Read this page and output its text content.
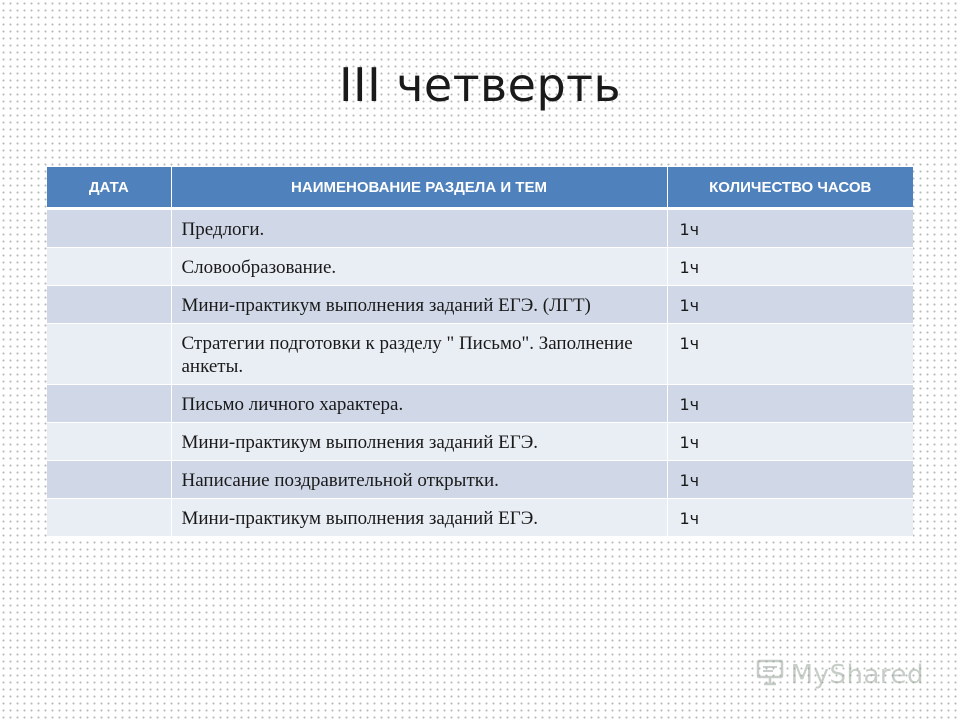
III четверть
ДАТА	НАИМЕНОВАНИЕ РАЗДЕЛА И ТЕМ	КОЛИЧЕСТВО ЧАСОВ
	Предлоги.	1ч
	Словообразование.	1ч
	Мини-практикум выполнения заданий ЕГЭ. (ЛГТ)	1ч
	Стратегии подготовки к разделу " Письмо". Заполнение анкеты.	1ч
	Письмо личного характера.	1ч
	Мини-практикум выполнения заданий ЕГЭ.	1ч
	Написание поздравительной открытки.	1ч
	Мини-практикум выполнения заданий ЕГЭ.	1ч
MyShared
